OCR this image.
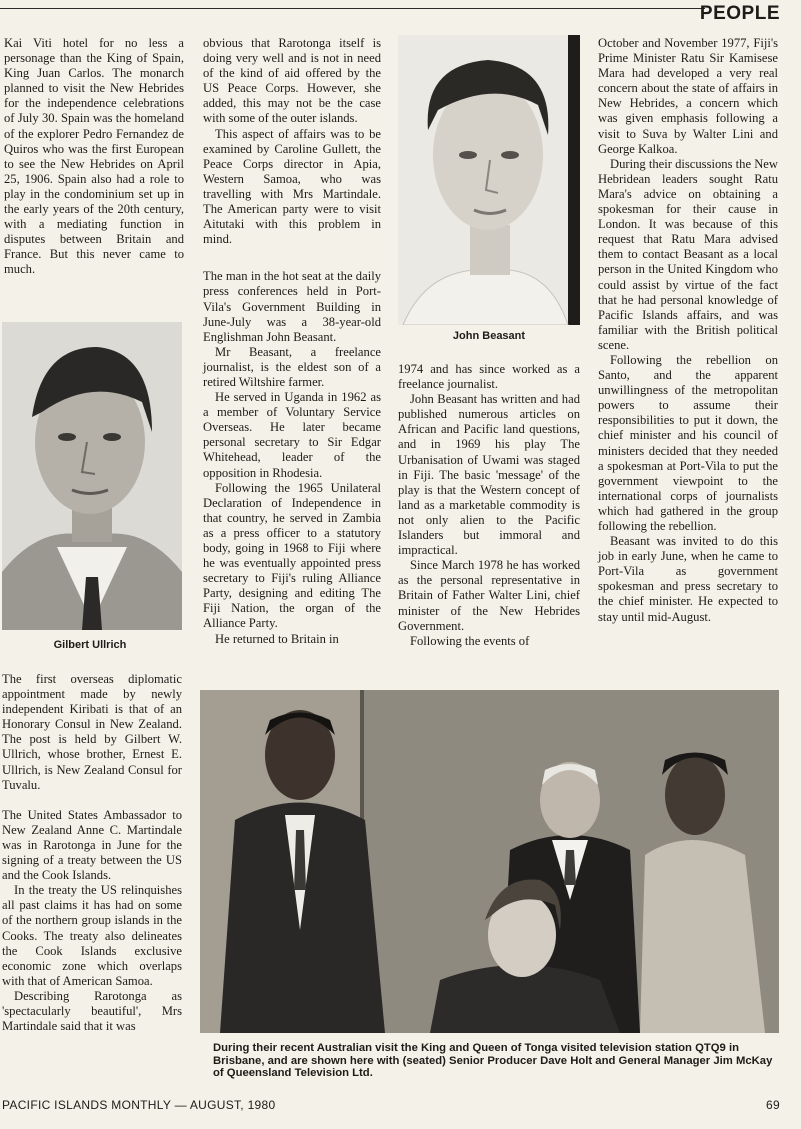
PEOPLE

Kai Viti hotel for no less a personage than the King of Spain, King Juan Carlos. The monarch planned to visit the New Hebrides for the independence celebrations of July 30. Spain was the homeland of the explorer Pedro Fernandez de Quiros who was the first European to see the New Hebrides on April 25, 1906. Spain also had a role to play in the condominium set up in the early years of the 20th century, with a mediating function in disputes between Britain and France. But this never came to much.

Gilbert Ullrich

The first overseas diplomatic appointment made by newly independent Kiribati is that of an Honorary Consul in New Zealand. The post is held by Gilbert W. Ullrich, whose brother, Ernest E. Ullrich, is New Zealand Consul for Tuvalu.

The United States Ambassador to New Zealand Anne C. Martindale was in Rarotonga in June for the signing of a treaty between the US and the Cook Islands.

In the treaty the US relinquishes all past claims it has had on some of the northern group islands in the Cooks. The treaty also delineates the Cook Islands exclusive economic zone which overlaps with that of American Samoa.

Describing Rarotonga as 'spectacularly beautiful', Mrs Martindale said that it was

obvious that Rarotonga itself is doing very well and is not in need of the kind of aid offered by the US Peace Corps. However, she added, this may not be the case with some of the outer islands.

This aspect of affairs was to be examined by Caroline Gullett, the Peace Corps director in Apia, Western Samoa, who was travelling with Mrs Martindale. The American party were to visit Aitutaki with this problem in mind.

The man in the hot seat at the daily press conferences held in Port-Vila's Government Building in June-July was a 38-year-old Englishman John Beasant.

Mr Beasant, a freelance journalist, is the eldest son of a retired Wiltshire farmer.

He served in Uganda in 1962 as a member of Voluntary Service Overseas. He later became personal secretary to Sir Edgar Whitehead, leader of the opposition in Rhodesia.

Following the 1965 Unilateral Declaration of Independence in that country, he served in Zambia as a press officer to a statutory body, going in 1968 to Fiji where he was eventually appointed press secretary to Fiji's ruling Alliance Party, designing and editing The Fiji Nation, the organ of the Alliance Party.

He returned to Britain in

John Beasant

1974 and has since worked as a freelance journalist.

John Beasant has written and had published numerous articles on African and Pacific land questions, and in 1969 his play The Urbanisation of Uwami was staged in Fiji. The basic 'message' of the play is that the Western concept of land as a marketable commodity is not only alien to the Pacific Islanders but immoral and impractical.

Since March 1978 he has worked as the personal representative in Britain of Father Walter Lini, chief minister of the New Hebrides Government.

Following the events of

October and November 1977, Fiji's Prime Minister Ratu Sir Kamisese Mara had developed a very real concern about the state of affairs in New Hebrides, a concern which was given emphasis following a visit to Suva by Walter Lini and George Kalkoa.

During their discussions the New Hebridean leaders sought Ratu Mara's advice on obtaining a spokesman for their cause in London. It was because of this request that Ratu Mara advised them to contact Beasant as a local person in the United Kingdom who could assist by virtue of the fact that he had personal knowledge of Pacific Islands affairs, and was familiar with the British political scene.

Following the rebellion on Santo, and the apparent unwillingness of the metropolitan powers to assume their responsibilities to put it down, the chief minister and his council of ministers decided that they needed a spokesman at Port-Vila to put the government viewpoint to the international corps of journalists which had gathered in the group following the rebellion.

Beasant was invited to do this job in early June, when he came to Port-Vila as government spokesman and press secretary to the chief minister. He expected to stay until mid-August.

During their recent Australian visit the King and Queen of Tonga visited television station QTQ9 in Brisbane, and are shown here with (seated) Senior Producer Dave Holt and General Manager Jim McKay of Queensland Television Ltd.
PACIFIC ISLANDS MONTHLY — AUGUST, 1980	69
